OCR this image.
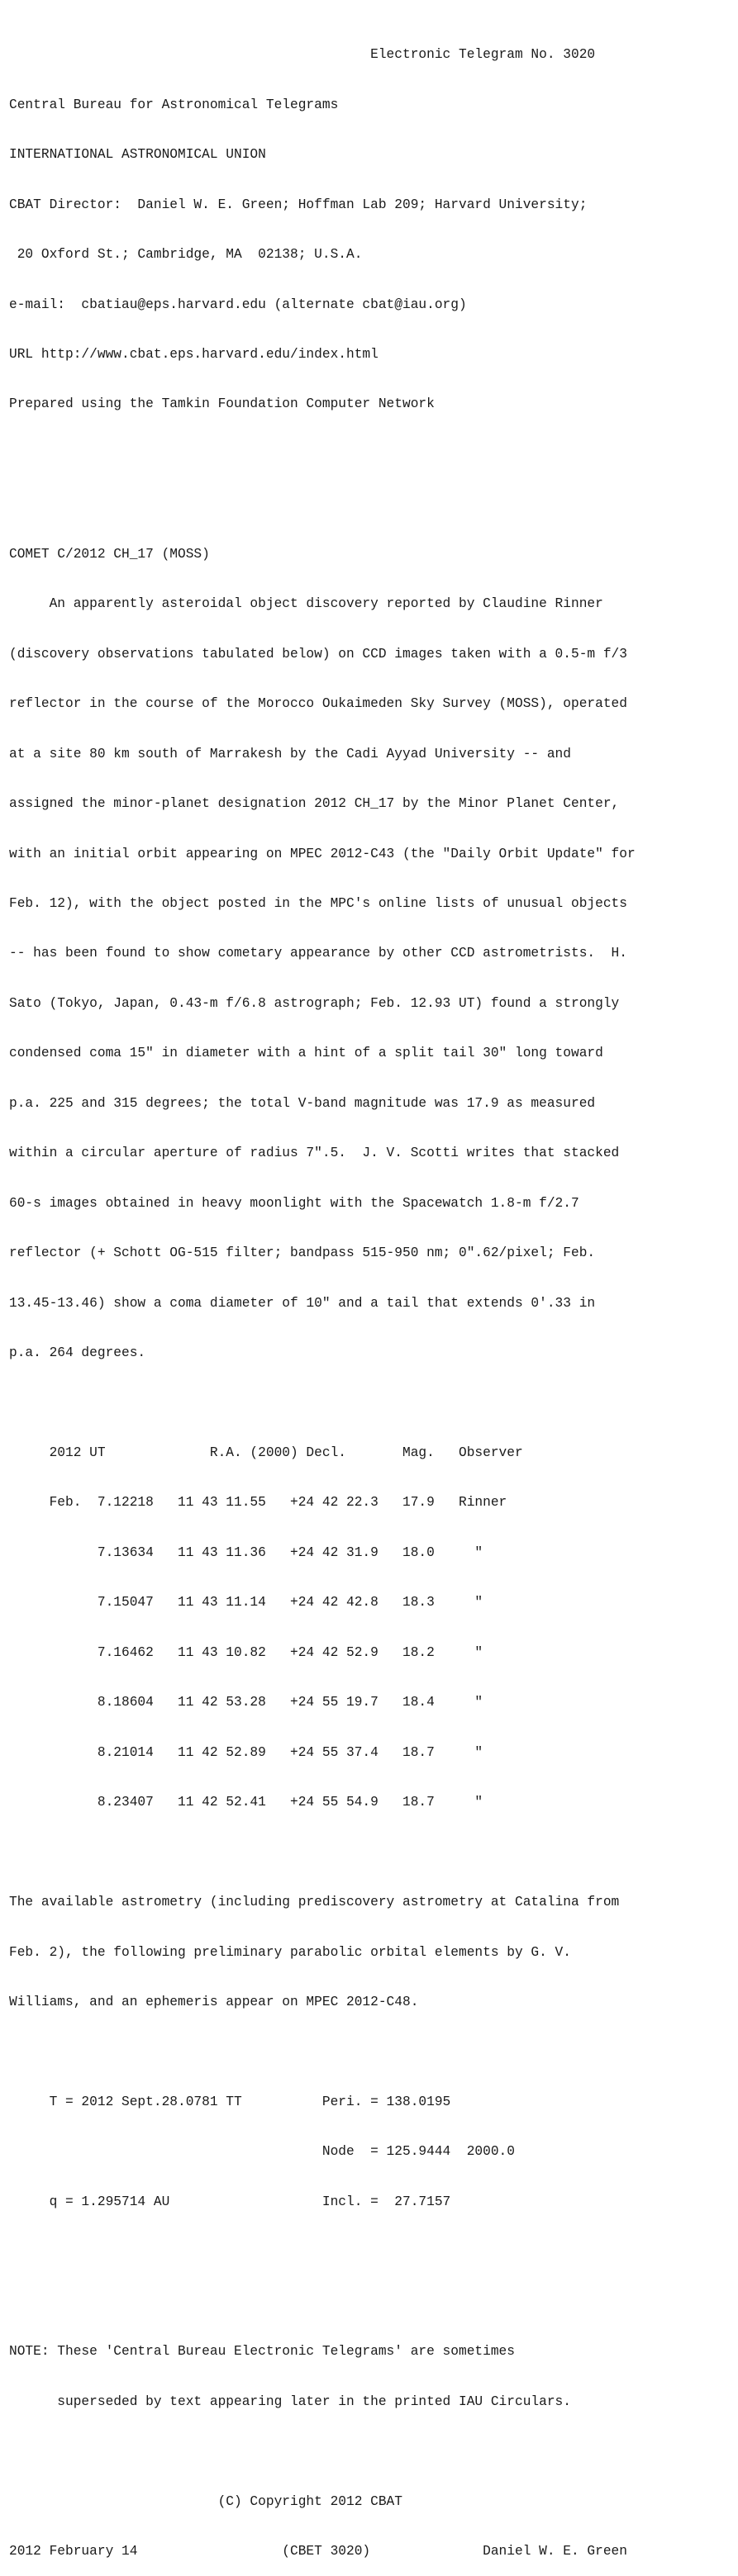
Electronic Telegram No. 3020

Central Bureau for Astronomical Telegrams

INTERNATIONAL ASTRONOMICAL UNION

CBAT Director:  Daniel W. E. Green; Hoffman Lab 209; Harvard University;

20 Oxford St.; Cambridge, MA  02138; U.S.A.

e-mail:  cbatiau@eps.harvard.edu (alternate cbat@iau.org)

URL http://www.cbat.eps.harvard.edu/index.html

Prepared using the Tamkin Foundation Computer Network

COMET C/2012 CH_17 (MOSS)

An apparently asteroidal object discovery reported by Claudine Rinner

(discovery observations tabulated below) on CCD images taken with a 0.5-m f/3

reflector in the course of the Morocco Oukaimeden Sky Survey (MOSS), operated

at a site 80 km south of Marrakesh by the Cadi Ayyad University -- and

assigned the minor-planet designation 2012 CH_17 by the Minor Planet Center,

with an initial orbit appearing on MPEC 2012-C43 (the "Daily Orbit Update" for

Feb. 12), with the object posted in the MPC's online lists of unusual objects

-- has been found to show cometary appearance by other CCD astrometrists.  H.

Sato (Tokyo, Japan, 0.43-m f/6.8 astrograph; Feb. 12.93 UT) found a strongly

condensed coma 15" in diameter with a hint of a split tail 30" long toward

p.a. 225 and 315 degrees; the total V-band magnitude was 17.9 as measured

within a circular aperture of radius 7".5.  J. V. Scotti writes that stacked

60-s images obtained in heavy moonlight with the Spacewatch 1.8-m f/2.7

reflector (+ Schott OG-515 filter; bandpass 515-950 nm; 0".62/pixel; Feb.

13.45-13.46) show a coma diameter of 10" and a tail that extends 0'.33 in

p.a. 264 degrees.

2012 UT             R.A. (2000) Decl.       Mag.   Observer

Feb.  7.12218   11 43 11.55   +24 42 22.3   17.9   Rinner

7.13634   11 43 11.36   +24 42 31.9   18.0     "

7.15047   11 43 11.14   +24 42 42.8   18.3     "

7.16462   11 43 10.82   +24 42 52.9   18.2     "

8.18604   11 42 53.28   +24 55 19.7   18.4     "

8.21014   11 42 52.89   +24 55 37.4   18.7     "

8.23407   11 42 52.41   +24 55 54.9   18.7     "

The available astrometry (including prediscovery astrometry at Catalina from

Feb. 2), the following preliminary parabolic orbital elements by G. V.

Williams, and an ephemeris appear on MPEC 2012-C48.

T = 2012 Sept.28.0781 TT          Peri. = 138.0195

Node  = 125.9444  2000.0

q = 1.295714 AU                   Incl. =  27.7157

NOTE: These 'Central Bureau Electronic Telegrams' are sometimes

superseded by text appearing later in the printed IAU Circulars.

(C) Copyright 2012 CBAT

2012 February 14                  (CBET 3020)              Daniel W. E. Green
